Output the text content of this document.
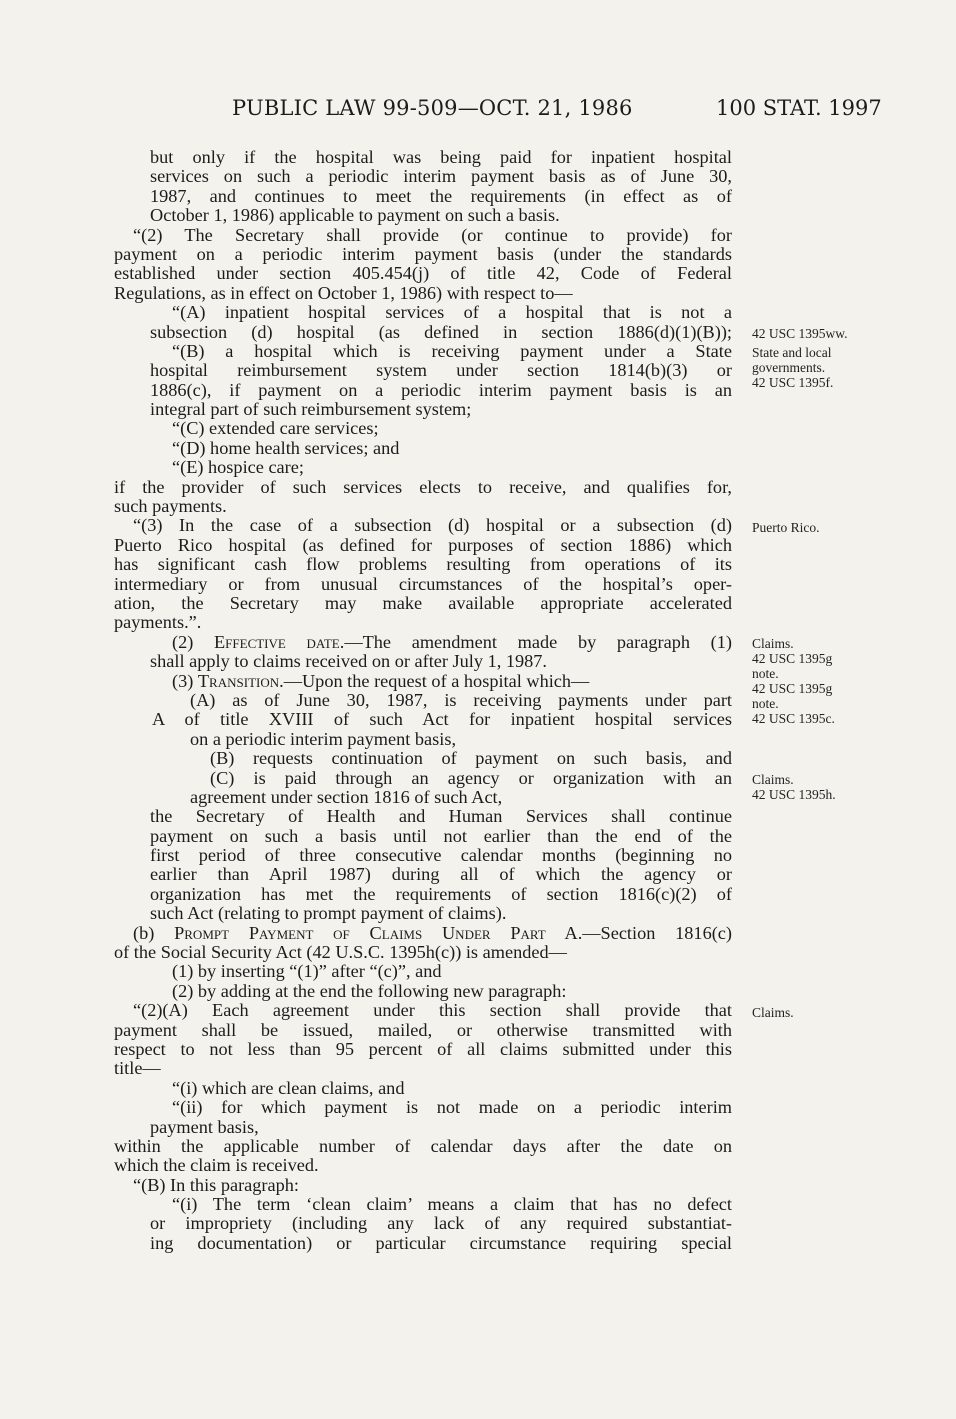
PUBLIC LAW 99-509—OCT. 21, 1986	100 STAT. 1997
but only if the hospital was being paid for inpatient hospital
services on such a periodic interim payment basis as of June 30,
1987, and continues to meet the requirements (in effect as of
October 1, 1986) applicable to payment on such a basis.
“(2) The Secretary shall provide (or continue to provide) for
payment on a periodic interim payment basis (under the standards
established under section 405.454(j) of title 42, Code of Federal
Regulations, as in effect on October 1, 1986) with respect to—
“(A) inpatient hospital services of a hospital that is not a
subsection (d) hospital (as defined in section 1886(d)(1)(B));
“(B) a hospital which is receiving payment under a State
hospital reimbursement system under section 1814(b)(3) or
1886(c), if payment on a periodic interim payment basis is an
integral part of such reimbursement system;
“(C) extended care services;
“(D) home health services; and
“(E) hospice care;
if the provider of such services elects to receive, and qualifies for,
such payments.
“(3) In the case of a subsection (d) hospital or a subsection (d)
Puerto Rico hospital (as defined for purposes of section 1886) which
has significant cash flow problems resulting from operations of its
intermediary or from unusual circumstances of the hospital’s oper-
ation, the Secretary may make available appropriate accelerated
payments.”.
(2) Effective date.—The amendment made by paragraph (1)
shall apply to claims received on or after July 1, 1987.
(3) Transition.—Upon the request of a hospital which—
(A) as of June 30, 1987, is receiving payments under part
A of title XVIII of such Act for inpatient hospital services
on a periodic interim payment basis,
(B) requests continuation of payment on such basis, and
(C) is paid through an agency or organization with an
agreement under section 1816 of such Act,
the Secretary of Health and Human Services shall continue
payment on such a basis until not earlier than the end of the
first period of three consecutive calendar months (beginning no
earlier than April 1987) during all of which the agency or
organization has met the requirements of section 1816(c)(2) of
such Act (relating to prompt payment of claims).
(b) Prompt Payment of Claims Under Part A.—Section 1816(c)
of the Social Security Act (42 U.S.C. 1395h(c)) is amended—
(1) by inserting “(1)” after “(c)”, and
(2) by adding at the end the following new paragraph:
“(2)(A) Each agreement under this section shall provide that
payment shall be issued, mailed, or otherwise transmitted with
respect to not less than 95 percent of all claims submitted under this
title—
“(i) which are clean claims, and
“(ii) for which payment is not made on a periodic interim
payment basis,
within the applicable number of calendar days after the date on
which the claim is received.
“(B) In this paragraph:
“(i) The term ‘clean claim’ means a claim that has no defect
or impropriety (including any lack of any required substantiat-
ing documentation) or particular circumstance requiring special
42 USC 1395ww.
State and local
governments.
42 USC 1395f.
Puerto Rico.
Claims.
42 USC 1395g
note.
42 USC 1395g
note.
42 USC 1395c.
Claims.
42 USC 1395h.
Claims.
